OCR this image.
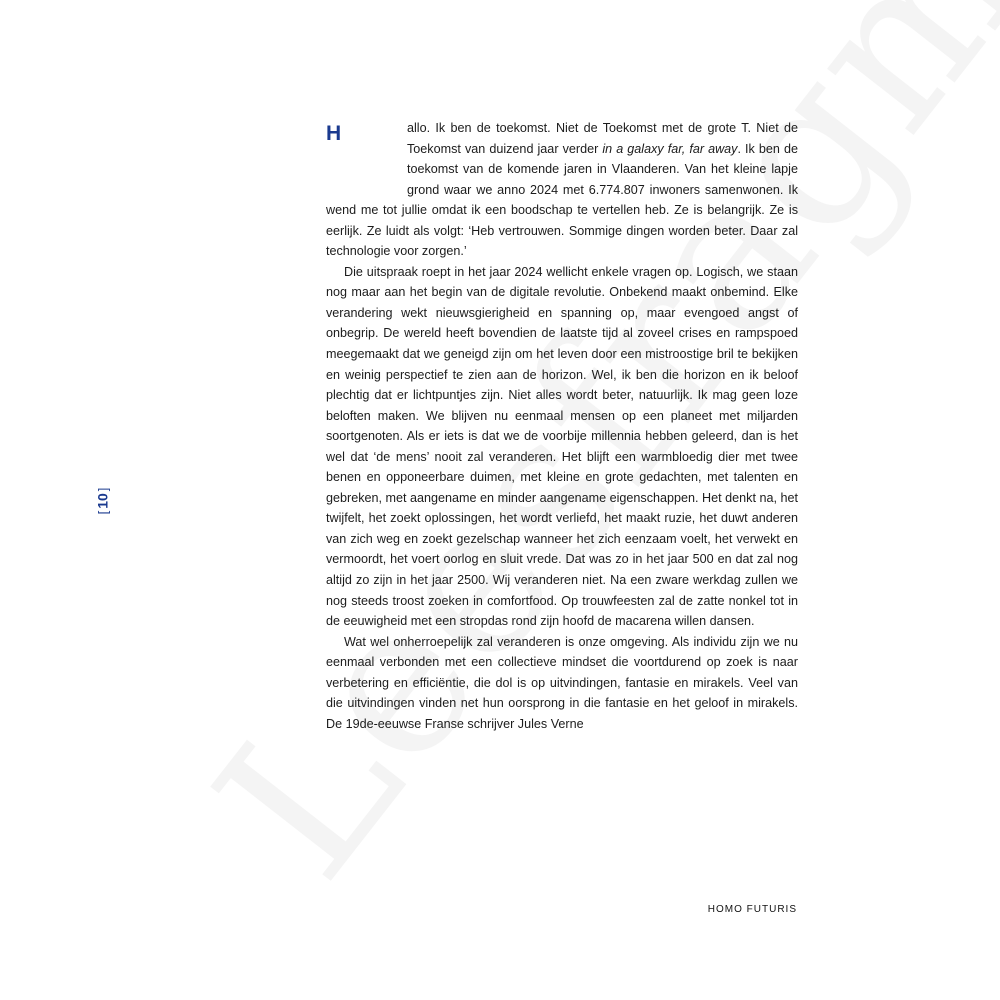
[
10
]
H	allo. Ik ben de toekomst. Niet de Toekomst met de grote T. Niet de Toekomst van duizend jaar verder in a galaxy far, far away. Ik ben de toekomst van de komende jaren in Vlaanderen. Van het kleine lapje grond waar we anno 2024 met 6.774.807 inwoners samenwonen. Ik wend me tot jullie omdat ik een boodschap te vertellen heb. Ze is belangrijk. Ze is eerlijk. Ze luidt als volgt: ‘Heb vertrouwen. Sommige dingen worden beter. Daar zal technologie voor zorgen.’

Die uitspraak roept in het jaar 2024 wellicht enkele vragen op. Logisch, we staan nog maar aan het begin van de digitale revolutie. Onbekend maakt onbemind. Elke verandering wekt nieuwsgierigheid en spanning op, maar evengoed angst of onbegrip. De wereld heeft bovendien de laatste tijd al zoveel crises en rampspoed meegemaakt dat we geneigd zijn om het leven door een mistroostige bril te bekijken en weinig perspectief te zien aan de horizon. Wel, ik ben die horizon en ik beloof plechtig dat er lichtpuntjes zijn. Niet alles wordt beter, natuurlijk. Ik mag geen loze beloften maken. We blijven nu eenmaal mensen op een planeet met miljarden soortgenoten. Als er iets is dat we de voorbije millennia hebben geleerd, dan is het wel dat ‘de mens’ nooit zal veranderen. Het blijft een warmbloedig dier met twee benen en opponeerbare duimen, met kleine en grote gedachten, met talenten en gebreken, met aangename en minder aangename eigenschappen. Het denkt na, het twijfelt, het zoekt oplossingen, het wordt verliefd, het maakt ruzie, het duwt anderen van zich weg en zoekt gezelschap wanneer het zich eenzaam voelt, het verwekt en vermoordt, het voert oorlog en sluit vrede. Dat was zo in het jaar 500 en dat zal nog altijd zo zijn in het jaar 2500. Wij veranderen niet. Na een zware werkdag zullen we nog steeds troost zoeken in comfortfood. Op trouwfeesten zal de zatte nonkel tot in de eeuwigheid met een stropdas rond zijn hoofd de macarena willen dansen.

Wat wel onherroepelijk zal veranderen is onze omgeving. Als individu zijn we nu eenmaal verbonden met een collectieve mindset die voortdurend op zoek is naar verbetering en efficiëntie, die dol is op uitvindingen, fantasie en mirakels. Veel van die uitvindingen vinden net hun oorsprong in die fantasie en het geloof in mirakels. De 19de-eeuwse Franse schrijver Jules Verne

HOMO FUTURIS
